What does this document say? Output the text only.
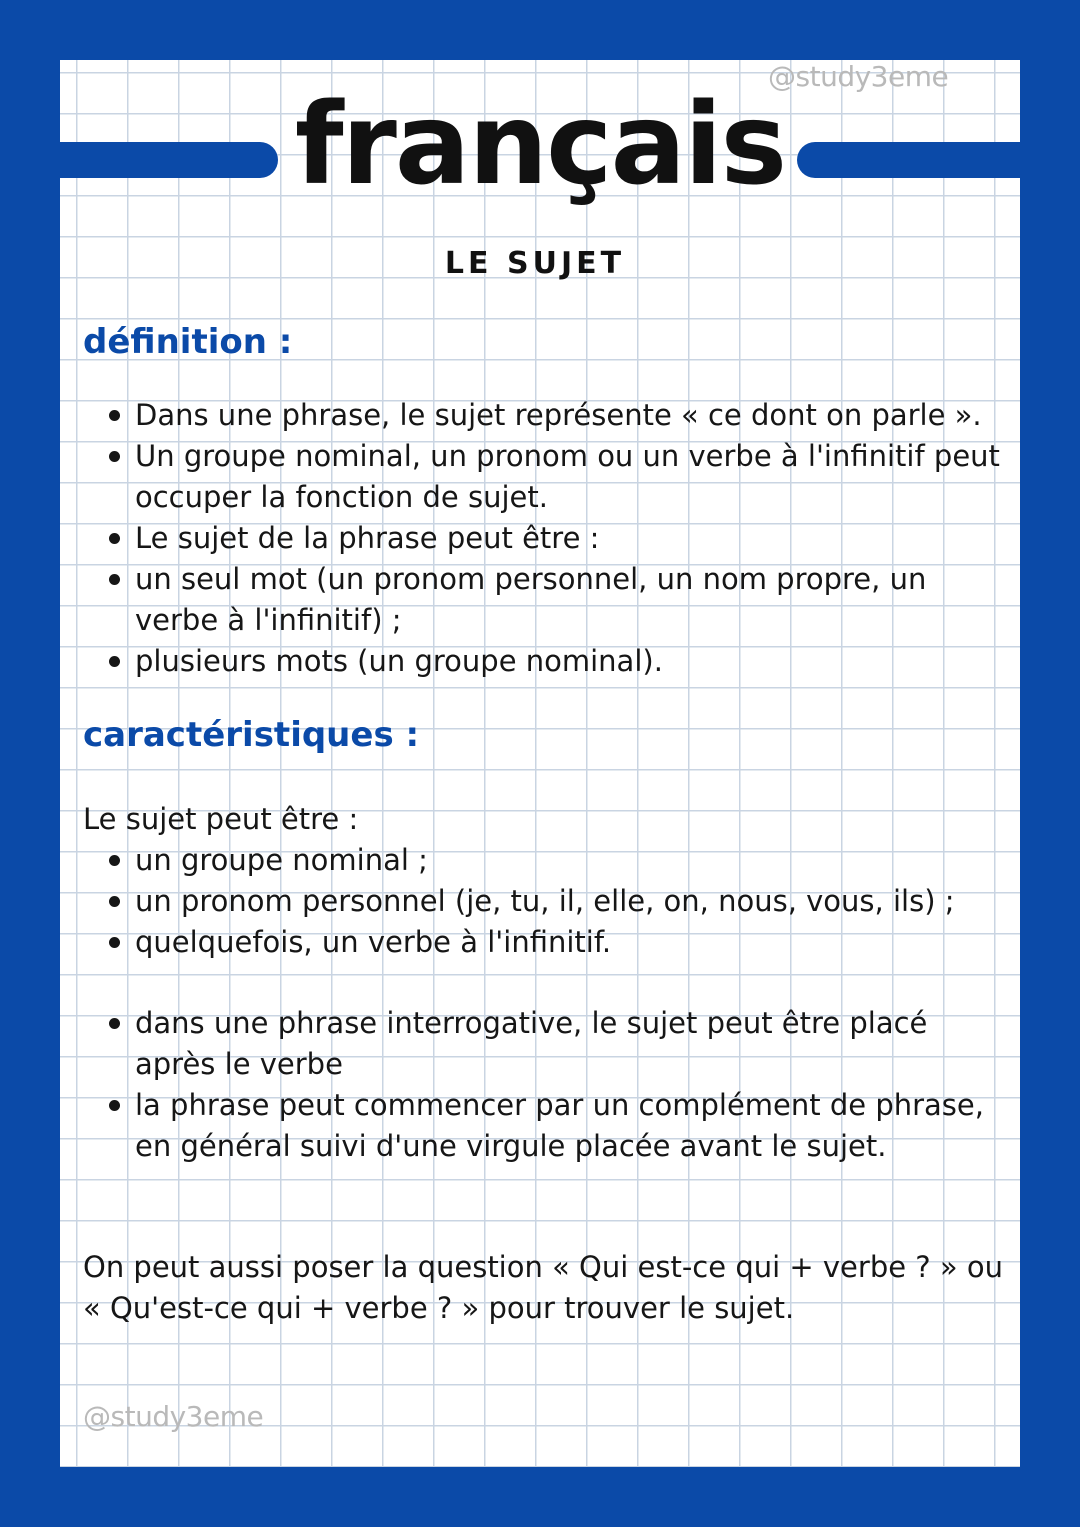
@study3eme
français
LE SUJET
définition :
Dans une phrase, le sujet représente « ce dont on parle ».
Un groupe nominal, un pronom ou un verbe à l'infinitif peut occuper la fonction de sujet.
Le sujet de la phrase peut être :
un seul mot (un pronom personnel, un nom propre, un verbe à l'infinitif) ;
plusieurs mots (un groupe nominal).
caractéristiques :

Le sujet peut être :

un groupe nominal ;
un pronom personnel (je, tu, il, elle, on, nous, vous, ils) ;
quelquefois, un verbe à l'infinitif.
dans une phrase interrogative, le sujet peut être placé après le verbe
la phrase peut commencer par un complément de phrase, en général suivi d'une virgule placée avant le sujet.

On peut aussi poser la question « Qui est-ce qui + verbe ? » ou « Qu'est-ce qui + verbe ? » pour trouver le sujet.

@study3eme
